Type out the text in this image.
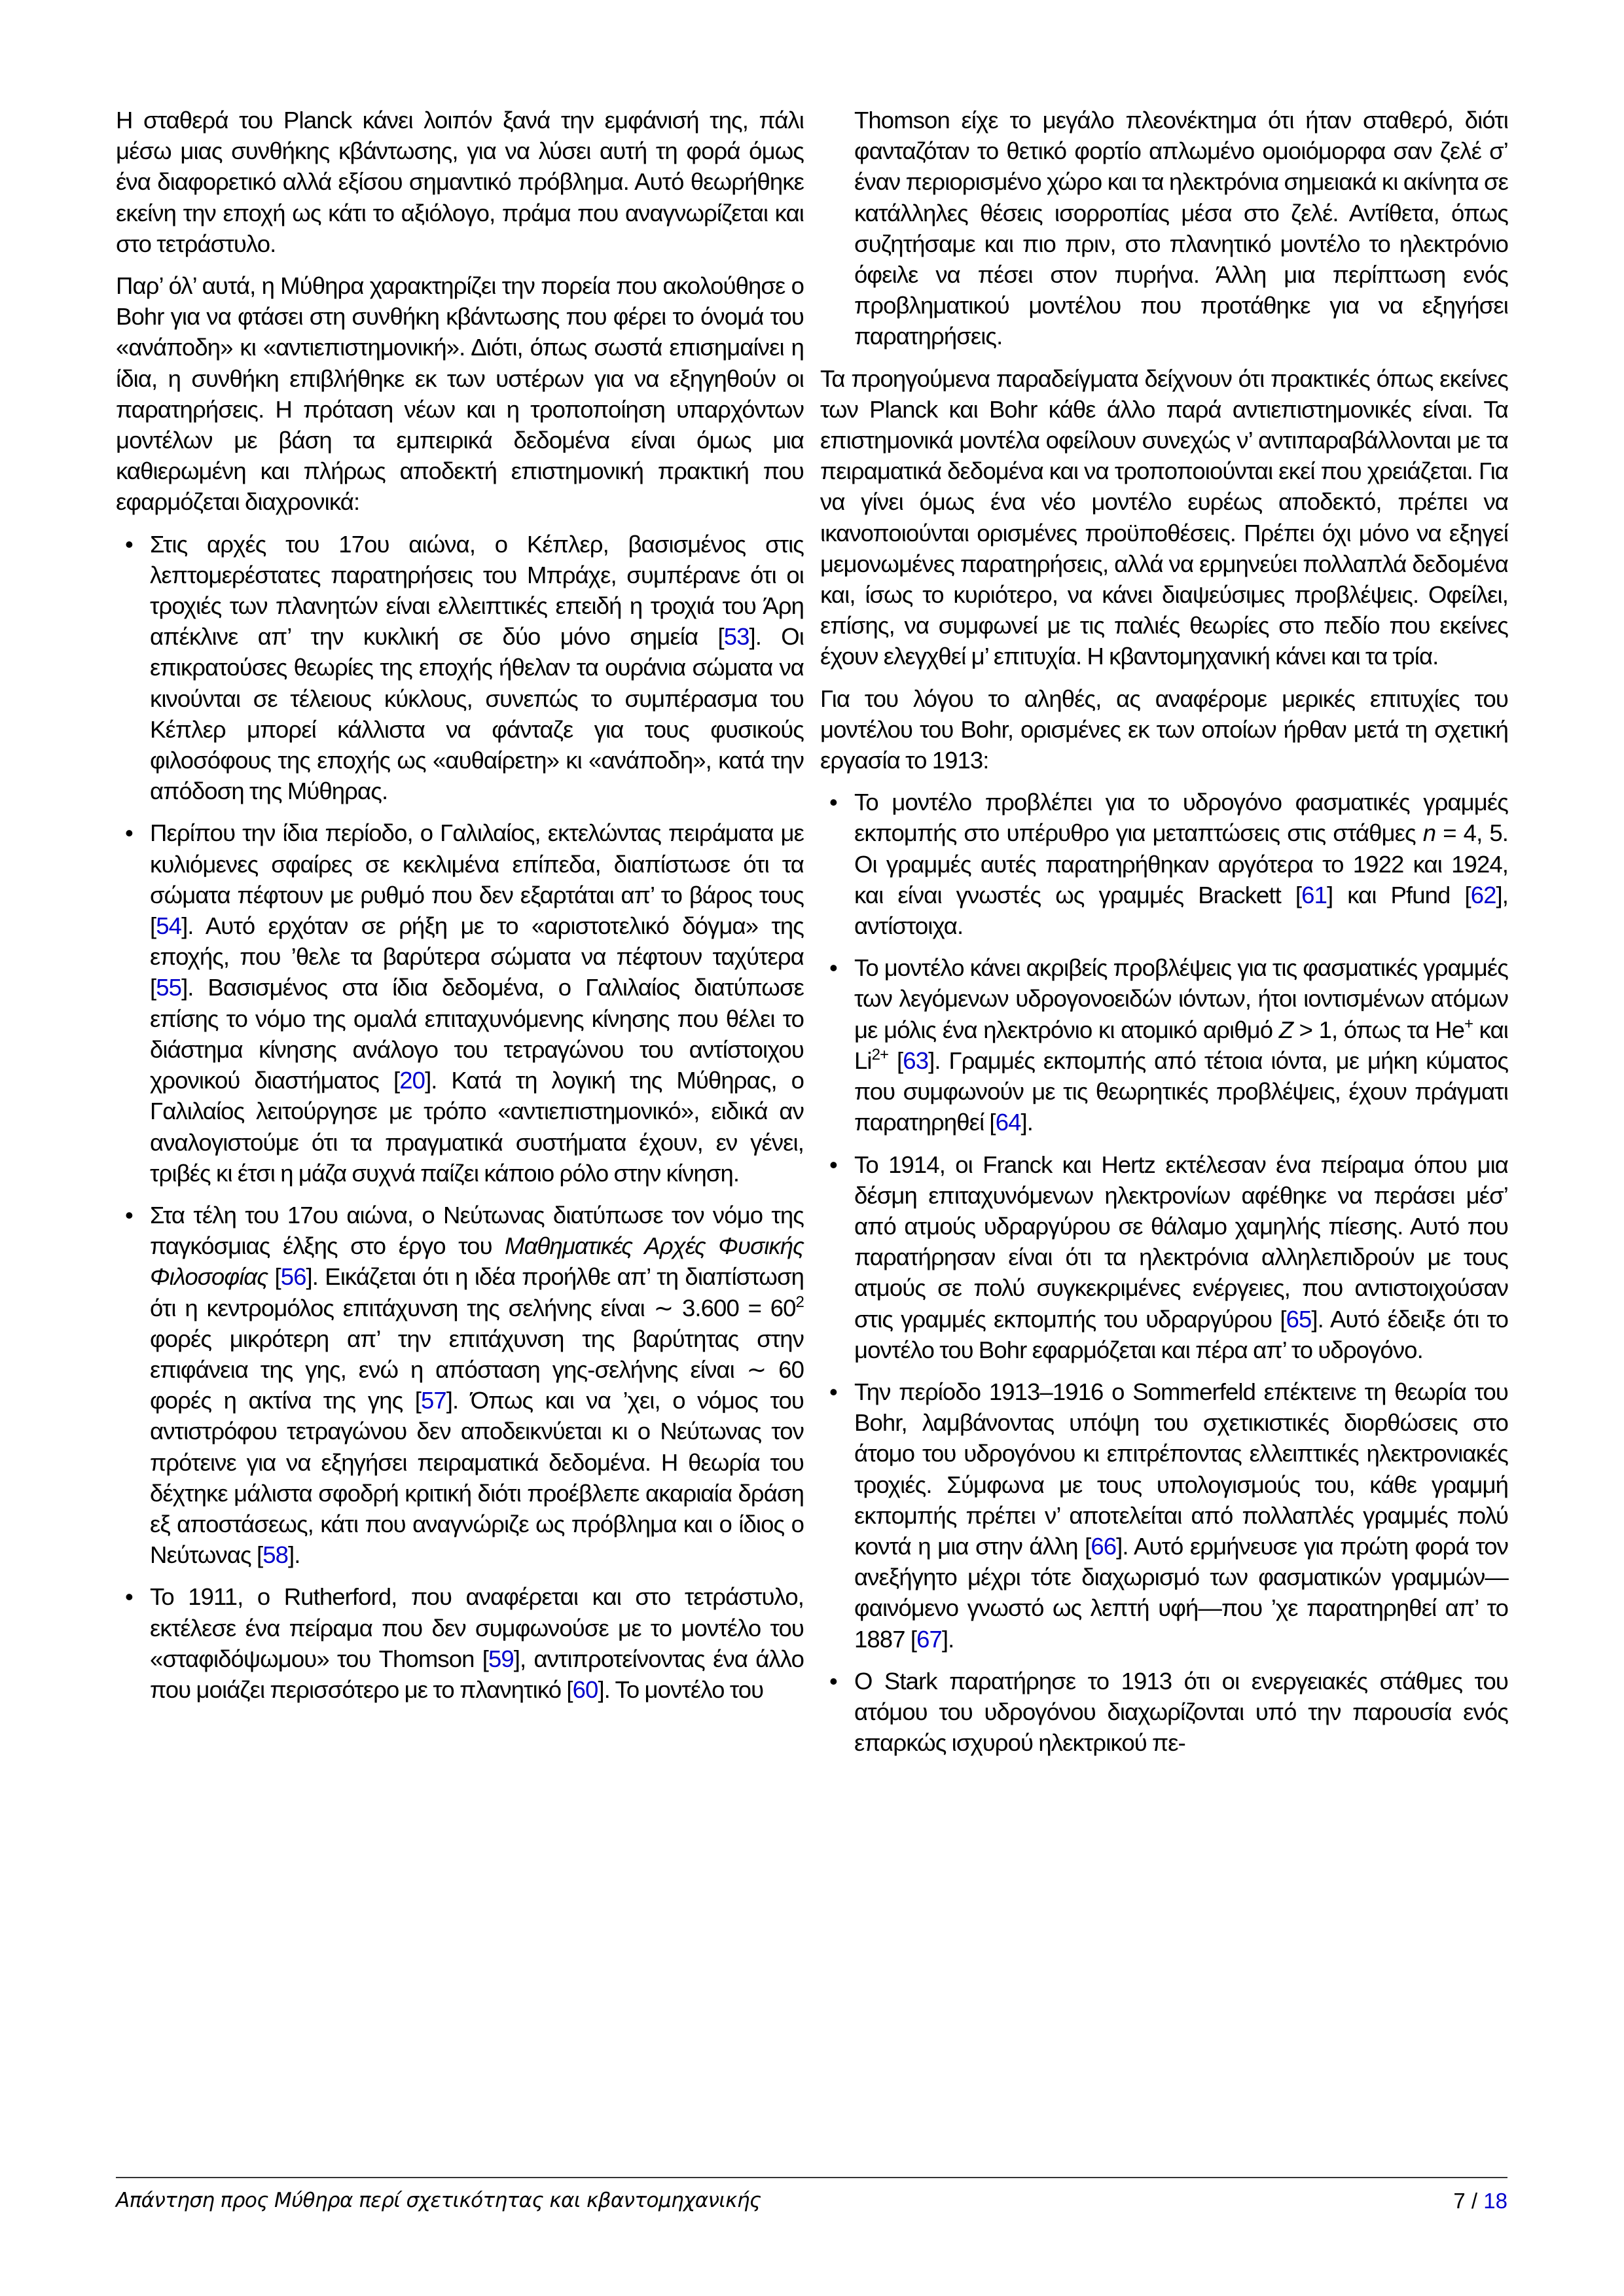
Η σταθερά του Planck κάνει λοιπόν ξανά την εμφάνισή της, πάλι μέσω μιας συνθήκης κβάντωσης, για να λύσει αυτή τη φορά όμως ένα διαφορετικό αλλά εξίσου σημαντικό πρόβλημα. Αυτό θεωρήθηκε εκείνη την εποχή ως κάτι το αξιόλογο, πράμα που αναγνωρίζεται και στο τετράστυλο.

Παρ’ όλ’ αυτά, η Μύθηρα χαρακτηρίζει την πορεία που ακολούθησε ο Bohr για να φτάσει στη συνθήκη κβάντωσης που φέρει το όνομά του «ανάποδη» κι «αντιεπιστημονική». Διότι, όπως σωστά επισημαίνει η ίδια, η συνθήκη επιβλήθηκε εκ των υστέρων για να εξηγηθούν οι παρατηρήσεις. Η πρόταση νέων και η τροποποίηση υπαρχόντων μοντέλων με βάση τα εμπειρικά δεδομένα είναι όμως μια καθιερωμένη και πλήρως αποδεκτή επιστημονική πρακτική που εφαρμόζεται διαχρονικά:

• Στις αρχές του 17ου αιώνα, ο Κέπλερ, βασισμένος στις λεπτομερέστατες παρατηρήσεις του Μπράχε, συμπέρανε ότι οι τροχιές των πλανητών είναι ελλειπτικές επειδή η τροχιά του Άρη απέκλινε απ’ την κυκλική σε δύο μόνο σημεία [53]. Οι επικρατούσες θεωρίες της εποχής ήθελαν τα ουράνια σώματα να κινούνται σε τέλειους κύκλους, συνεπώς το συμπέρασμα του Κέπλερ μπορεί κάλλιστα να φάνταζε για τους φυσικούς φιλοσόφους της εποχής ως «αυθαίρετη» κι «ανάποδη», κατά την απόδοση της Μύθηρας.
• Περίπου την ίδια περίοδο, ο Γαλιλαίος, εκτελώντας πειράματα με κυλιόμενες σφαίρες σε κεκλιμένα επίπεδα, διαπίστωσε ότι τα σώματα πέφτουν με ρυθμό που δεν εξαρτάται απ’ το βάρος τους [54]. Αυτό ερχόταν σε ρήξη με το «αριστοτελικό δόγμα» της εποχής, που ’θελε τα βαρύτερα σώματα να πέφτουν ταχύτερα [55]. Βασισμένος στα ίδια δεδομένα, ο Γαλιλαίος διατύπωσε επίσης το νόμο της ομαλά επιταχυνόμενης κίνησης που θέλει το διάστημα κίνησης ανάλογο του τετραγώνου του αντίστοιχου χρονικού διαστήματος [20]. Κατά τη λογική της Μύθηρας, ο Γαλιλαίος λειτούργησε με τρόπο «αντιεπιστημονικό», ειδικά αν αναλογιστούμε ότι τα πραγματικά συστήματα έχουν, εν γένει, τριβές κι έτσι η μάζα συχνά παίζει κάποιο ρόλο στην κίνηση.
• Στα τέλη του 17ου αιώνα, ο Νεύτωνας διατύπωσε τον νόμο της παγκόσμιας έλξης στο έργο του Μαθηματικές Αρχές Φυσικής Φιλοσοφίας [56]. Εικάζεται ότι η ιδέα προήλθε απ’ τη διαπίστωση ότι η κεντρομόλος επιτάχυνση της σελήνης είναι ∼ $3.600 = 60^2$ φορές μικρότερη απ’ την επιτάχυνση της βαρύτητας στην επιφάνεια της γης, ενώ η απόσταση γης-σελήνης είναι ∼ 60 φορές η ακτίνα της γης [57]. Όπως και να ’χει, ο νόμος του αντιστρόφου τετραγώνου δεν αποδεικνύεται κι ο Νεύτωνας τον πρότεινε για να εξηγήσει πειραματικά δεδομένα. Η θεωρία του δέχτηκε μάλιστα σφοδρή κριτική διότι προέβλεπε ακαριαία δράση εξ αποστάσεως, κάτι που αναγνώριζε ως πρόβλημα και ο ίδιος ο Νεύτωνας [58].
• Το 1911, ο Rutherford, που αναφέρεται και στο τετράστυλο, εκτέλεσε ένα πείραμα που δεν συμφωνούσε με το μοντέλο του «σταφιδόψωμου» του Thomson [59], αντιπροτείνοντας ένα άλλο που μοιάζει περισσότερο με το πλανητικό [60]. Το μοντέλο του
Thomson είχε το μεγάλο πλεονέκτημα ότι ήταν σταθερό, διότι φανταζόταν το θετικό φορτίο απλωμένο ομοιόμορφα σαν ζελέ σ’ έναν περιορισμένο χώρο και τα ηλεκτρόνια σημειακά κι ακίνητα σε κατάλληλες θέσεις ισορροπίας μέσα στο ζελέ. Αντίθετα, όπως συζητήσαμε και πιο πριν, στο πλανητικό μοντέλο το ηλεκτρόνιο όφειλε να πέσει στον πυρήνα. Άλλη μια περίπτωση ενός προβληματικού μοντέλου που προτάθηκε για να εξηγήσει παρατηρήσεις.

Τα προηγούμενα παραδείγματα δείχνουν ότι πρακτικές όπως εκείνες των Planck και Bohr κάθε άλλο παρά αντιεπιστημονικές είναι. Τα επιστημονικά μοντέλα οφείλουν συνεχώς ν’ αντιπαραβάλλονται με τα πειραματικά δεδομένα και να τροποποιούνται εκεί που χρειάζεται. Για να γίνει όμως ένα νέο μοντέλο ευρέως αποδεκτό, πρέπει να ικανοποιούνται ορισμένες προϋποθέσεις. Πρέπει όχι μόνο να εξηγεί μεμονωμένες παρατηρήσεις, αλλά να ερμηνεύει πολλαπλά δεδομένα και, ίσως το κυριότερο, να κάνει διαψεύσιμες προβλέψεις. Οφείλει, επίσης, να συμφωνεί με τις παλιές θεωρίες στο πεδίο που εκείνες έχουν ελεγχθεί μ’ επιτυχία. Η κβαντομηχανική κάνει και τα τρία.

Για του λόγου το αληθές, ας αναφέρομε μερικές επιτυχίες του μοντέλου του Bohr, ορισμένες εκ των οποίων ήρθαν μετά τη σχετική εργασία το 1913:

• Το μοντέλο προβλέπει για το υδρογόνο φασματικές γραμμές εκπομπής στο υπέρυθρο για μεταπτώσεις στις στάθμες n = 4, 5. Οι γραμμές αυτές παρατηρήθηκαν αργότερα το 1922 και 1924, και είναι γνωστές ως γραμμές Brackett [61] και Pfund [62], αντίστοιχα.
• Το μοντέλο κάνει ακριβείς προβλέψεις για τις φασματικές γραμμές των λεγόμενων υδρογονοειδών ιόντων, ήτοι ιοντισμένων ατόμων με μόλις ένα ηλεκτρόνιο κι ατομικό αριθμό Z > 1, όπως τα He+ και $Li^{2+}$ [63]. Γραμμές εκπομπής από τέτοια ιόντα, με μήκη κύματος που συμφωνούν με τις θεωρητικές προβλέψεις, έχουν πράγματι παρατηρηθεί [64].
• Το 1914, οι Franck και Hertz εκτέλεσαν ένα πείραμα όπου μια δέσμη επιταχυνόμενων ηλεκτρονίων αφέθηκε να περάσει μέσ’ από ατμούς υδραργύρου σε θάλαμο χαμηλής πίεσης. Αυτό που παρατήρησαν είναι ότι τα ηλεκτρόνια αλληλεπιδρούν με τους ατμούς σε πολύ συγκεκριμένες ενέργειες, που αντιστοιχούσαν στις γραμμές εκπομπής του υδραργύρου [65]. Αυτό έδειξε ότι το μοντέλο του Bohr εφαρμόζεται και πέρα απ’ το υδρογόνο.
• Την περίοδο 1913–1916 ο Sommerfeld επέκτεινε τη θεωρία του Bohr, λαμβάνοντας υπόψη του σχετικιστικές διορθώσεις στο άτομο του υδρογόνου κι επιτρέποντας ελλειπτικές ηλεκτρονιακές τροχιές. Σύμφωνα με τους υπολογισμούς του, κάθε γραμμή εκπομπής πρέπει ν’ αποτελείται από πολλαπλές γραμμές πολύ κοντά η μια στην άλλη [66]. Αυτό ερμήνευσε για πρώτη φορά τον ανεξήγητο μέχρι τότε διαχωρισμό των φασματικών γραμμών—φαινόμενο γνωστό ως λεπτή υφή—που ’χε παρατηρηθεί απ’ το 1887 [67].
• Ο Stark παρατήρησε το 1913 ότι οι ενεργειακές στάθμες του ατόμου του υδρογόνου διαχωρίζονται υπό την παρουσία ενός επαρκώς ισχυρού ηλεκτρικού πε-
Απάντηση προς Μύθηρα περί σχετικότητας και κβαντομηχανικής	7 / 18
